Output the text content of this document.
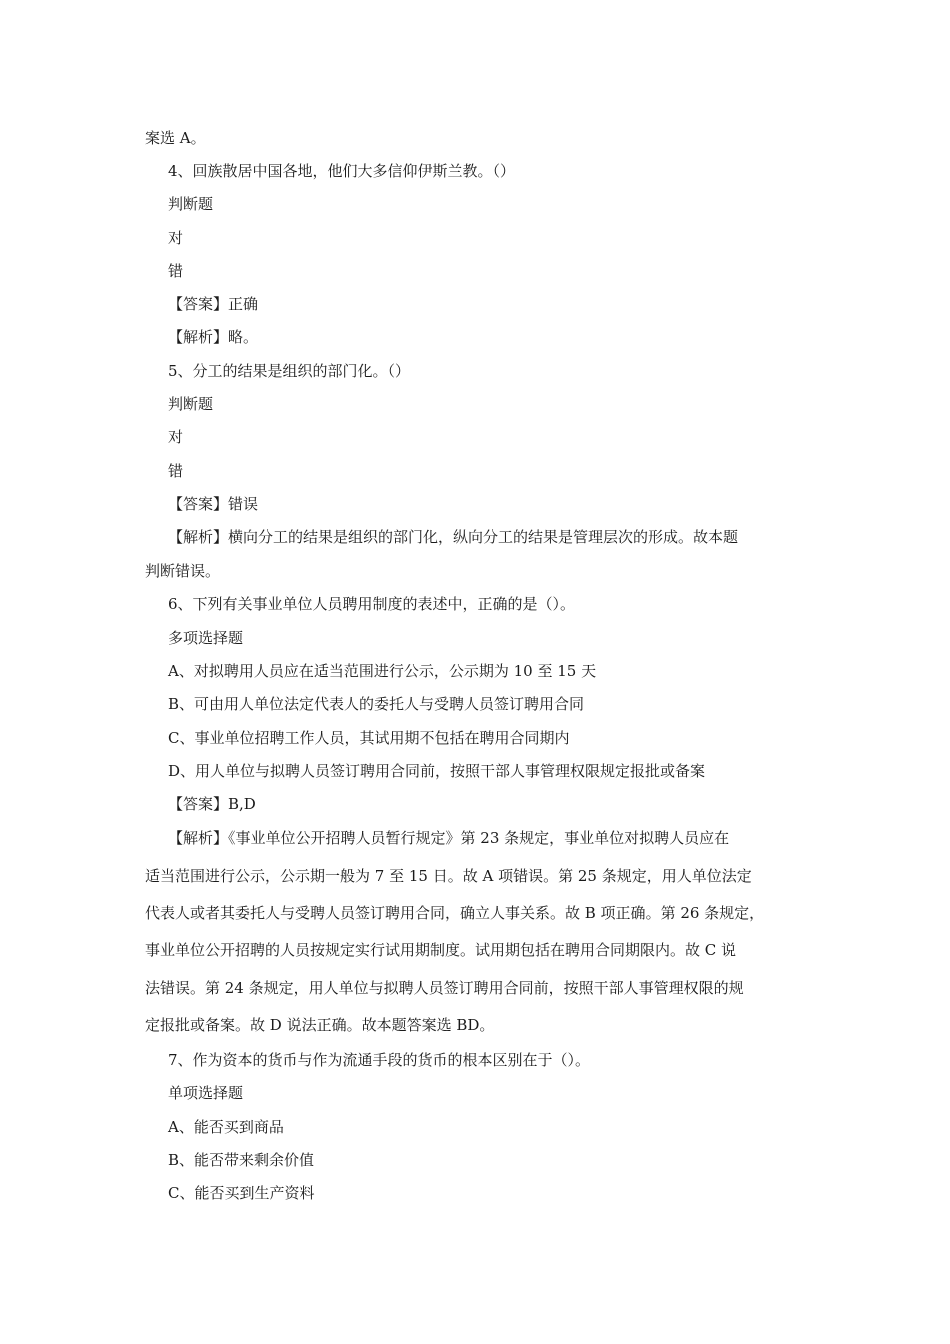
案选 A。
4、回族散居中国各地，他们大多信仰伊斯兰教。（）
判断题
对
错
【答案】正确
【解析】略。
5、分工的结果是组织的部门化。（）
判断题
对
错
【答案】错误
【解析】横向分工的结果是组织的部门化，纵向分工的结果是管理层次的形成。故本题
判断错误。
6、下列有关事业单位人员聘用制度的表述中，正确的是（）。
多项选择题
A、对拟聘用人员应在适当范围进行公示，公示期为 10 至 15 天
B、可由用人单位法定代表人的委托人与受聘人员签订聘用合同
C、事业单位招聘工作人员，其试用期不包括在聘用合同期内
D、用人单位与拟聘人员签订聘用合同前，按照干部人事管理权限规定报批或备案
【答案】B,D
【解析】《事业单位公开招聘人员暂行规定》第 23 条规定，事业单位对拟聘人员应在
适当范围进行公示，公示期一般为 7 至 15 日。故 A 项错误。第 25 条规定，用人单位法定
代表人或者其委托人与受聘人员签订聘用合同，确立人事关系。故 B 项正确。第 26 条规定，
事业单位公开招聘的人员按规定实行试用期制度。试用期包括在聘用合同期限内。故 C 说
法错误。第 24 条规定，用人单位与拟聘人员签订聘用合同前，按照干部人事管理权限的规
定报批或备案。故 D 说法正确。故本题答案选 BD。
7、作为资本的货币与作为流通手段的货币的根本区别在于（）。
单项选择题
A、能否买到商品
B、能否带来剩余价值
C、能否买到生产资料
